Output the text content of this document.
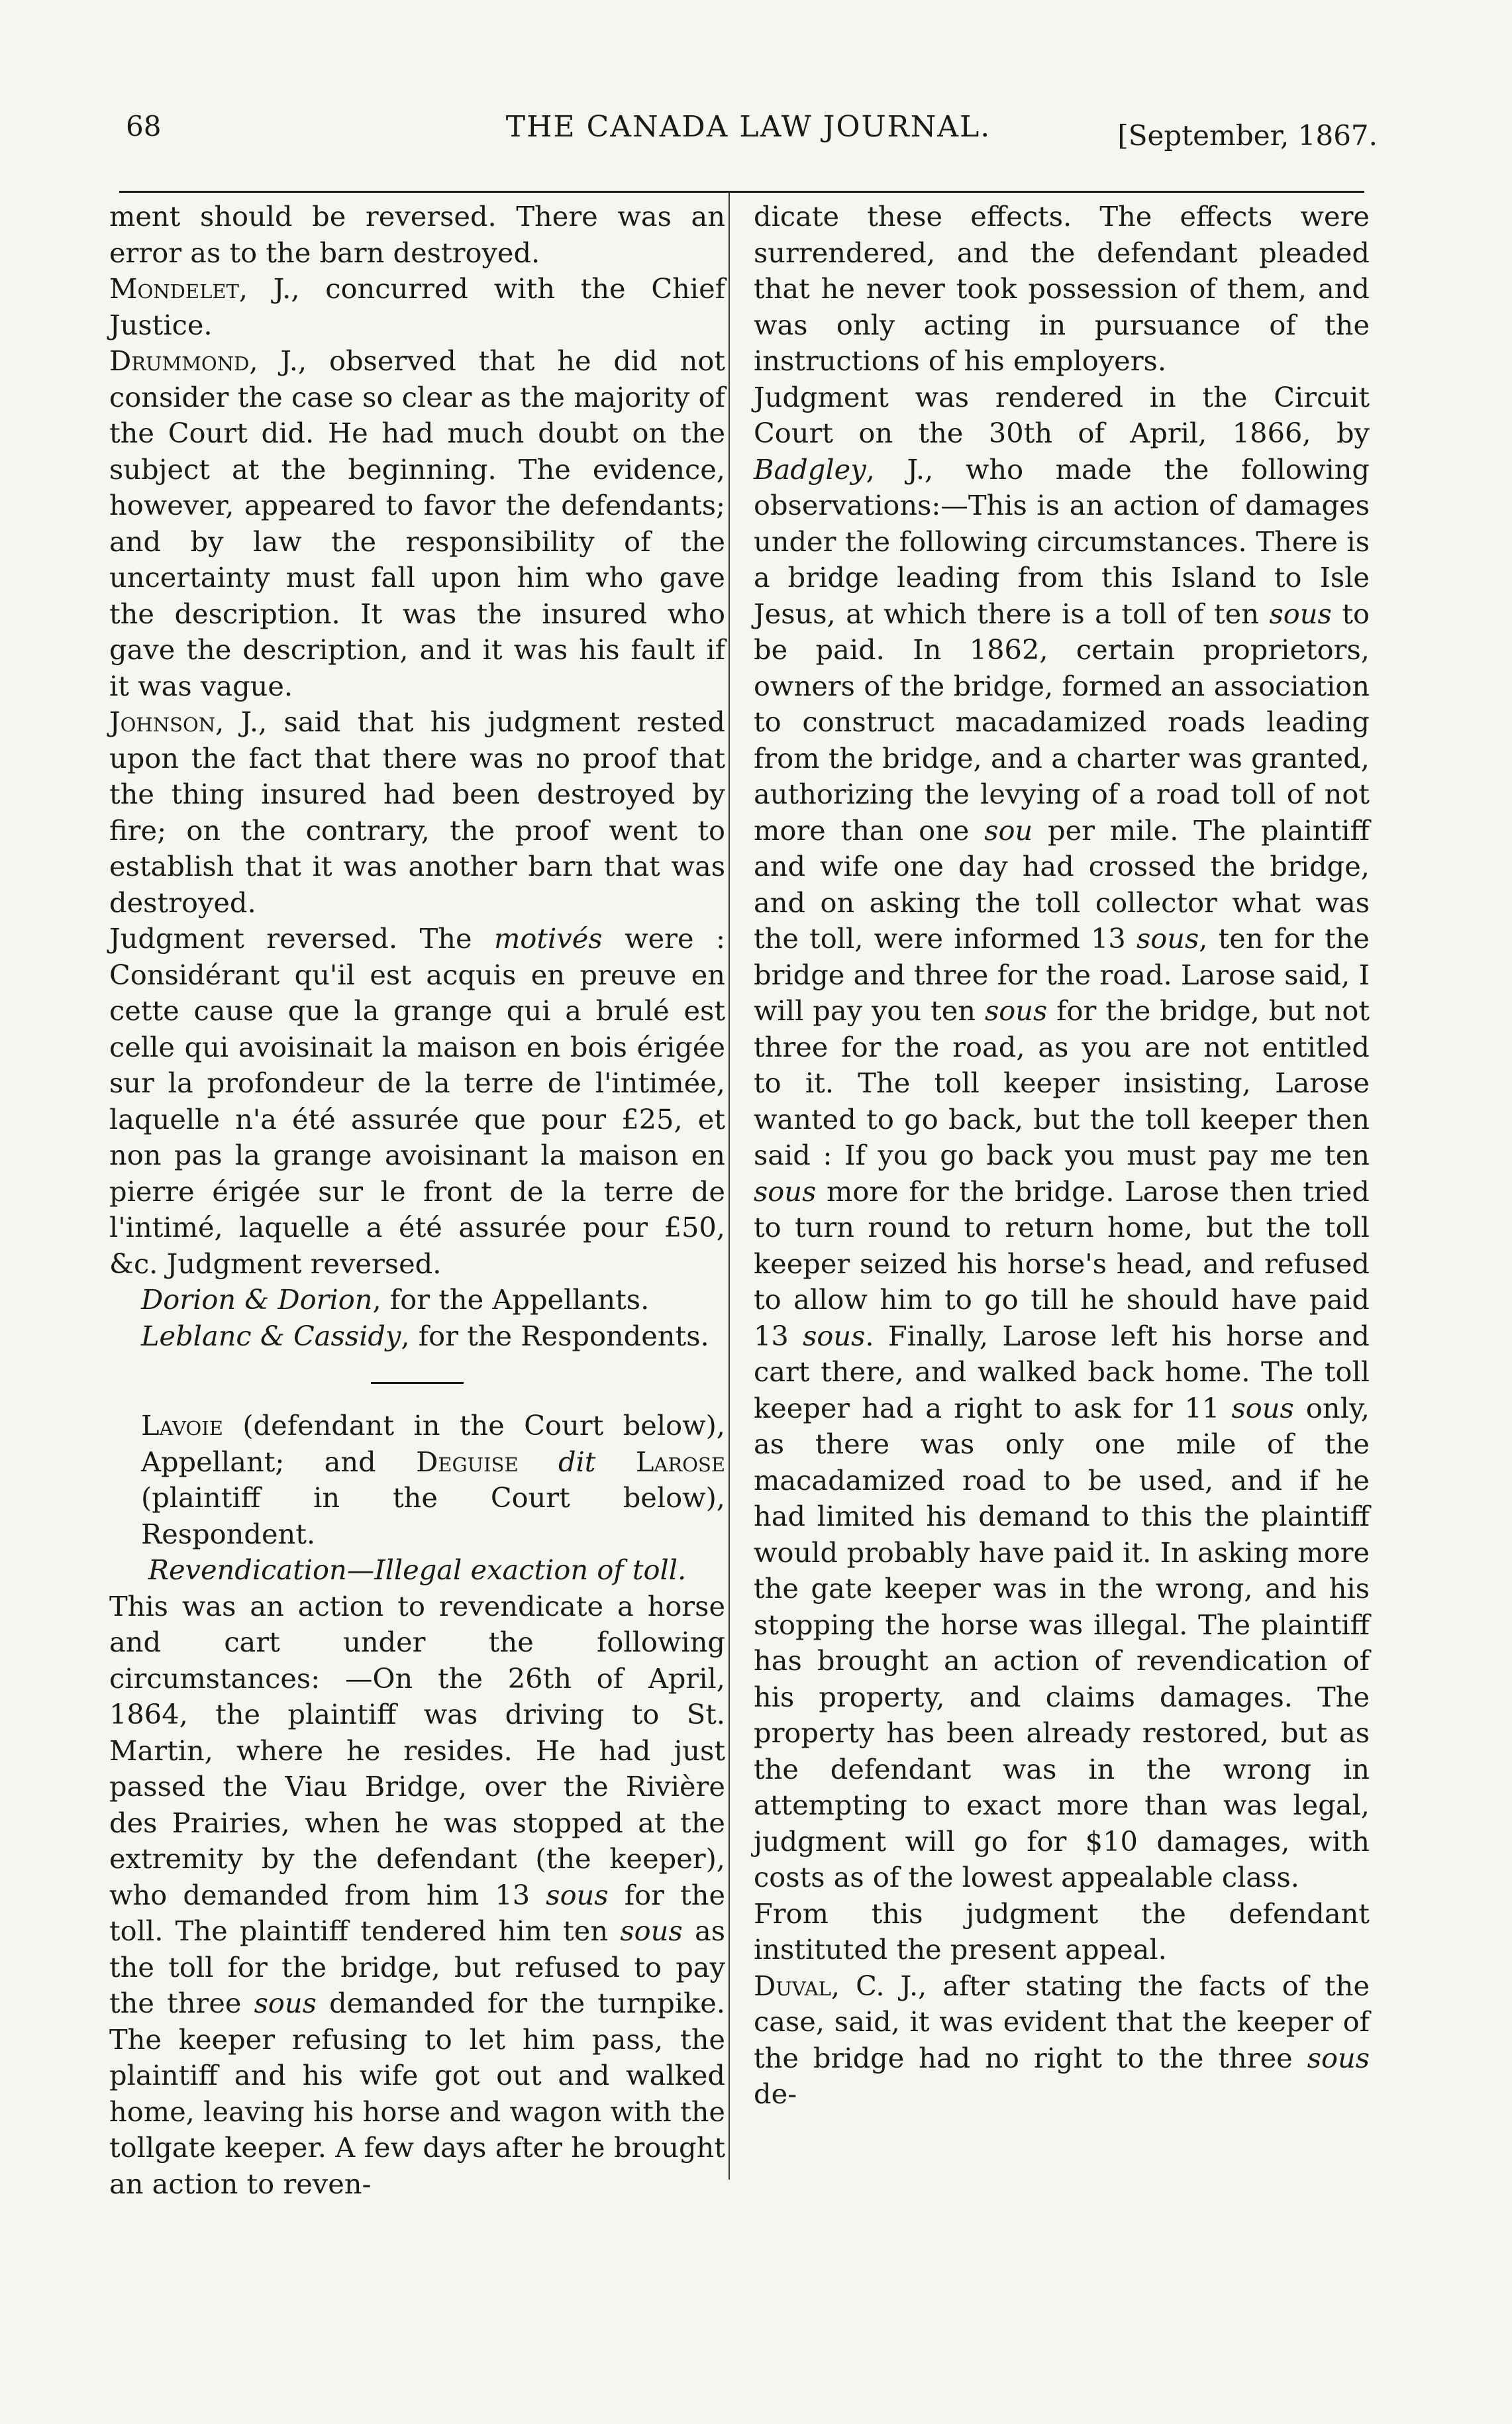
68	THE CANADA LAW JOURNAL.	[September, 1867.

ment should be reversed. There was an error as to the barn destroyed.

Mondelet, J., concurred with the Chief Justice.

Drummond, J., observed that he did not consider the case so clear as the majority of the Court did. He had much doubt on the subject at the beginning. The evidence, however, appeared to favor the defendants; and by law the responsibility of the uncertainty must fall upon him who gave the description. It was the insured who gave the description, and it was his fault if it was vague.

Johnson, J., said that his judgment rested upon the fact that there was no proof that the thing insured had been destroyed by fire; on the contrary, the proof went to establish that it was another barn that was destroyed.

Judgment reversed. The motivés were : Considérant qu'il est acquis en preuve en cette cause que la grange qui a brulé est celle qui avoisinait la maison en bois érigée sur la profondeur de la terre de l'intimée, laquelle n'a été assurée que pour £25, et non pas la grange avoisinant la maison en pierre érigée sur le front de la terre de l'intimé, laquelle a été assurée pour £50, &c. Judgment reversed.

Dorion & Dorion, for the Appellants.

Leblanc & Cassidy, for the Respondents.

Lavoie (defendant in the Court below), Appellant; and Deguise dit Larose (plaintiff in the Court below), Respondent.

Revendication—Illegal exaction of toll.

This was an action to revendicate a horse and cart under the following circumstances: —On the 26th of April, 1864, the plaintiff was driving to St. Martin, where he resides. He had just passed the Viau Bridge, over the Rivière des Prairies, when he was stopped at the extremity by the defendant (the keeper), who demanded from him 13 sous for the toll. The plaintiff tendered him ten sous as the toll for the bridge, but refused to pay the three sous demanded for the turnpike. The keeper refusing to let him pass, the plaintiff and his wife got out and walked home, leaving his horse and wagon with the tollgate keeper. A few days after he brought an action to reven-

dicate these effects. The effects were surrendered, and the defendant pleaded that he never took possession of them, and was only acting in pursuance of the instructions of his employers.

Judgment was rendered in the Circuit Court on the 30th of April, 1866, by Badgley, J., who made the following observations:—This is an action of damages under the following circumstances. There is a bridge leading from this Island to Isle Jesus, at which there is a toll of ten sous to be paid. In 1862, certain proprietors, owners of the bridge, formed an association to construct macadamized roads leading from the bridge, and a charter was granted, authorizing the levying of a road toll of not more than one sou per mile. The plaintiff and wife one day had crossed the bridge, and on asking the toll collector what was the toll, were informed 13 sous, ten for the bridge and three for the road. Larose said, I will pay you ten sous for the bridge, but not three for the road, as you are not entitled to it. The toll keeper insisting, Larose wanted to go back, but the toll keeper then said : If you go back you must pay me ten sous more for the bridge. Larose then tried to turn round to return home, but the toll keeper seized his horse's head, and refused to allow him to go till he should have paid 13 sous. Finally, Larose left his horse and cart there, and walked back home. The toll keeper had a right to ask for 11 sous only, as there was only one mile of the macadamized road to be used, and if he had limited his demand to this the plaintiff would probably have paid it. In asking more the gate keeper was in the wrong, and his stopping the horse was illegal. The plaintiff has brought an action of revendication of his property, and claims damages. The property has been already restored, but as the defendant was in the wrong in attempting to exact more than was legal, judgment will go for $10 damages, with costs as of the lowest appealable class.

From this judgment the defendant instituted the present appeal.

Duval, C. J., after stating the facts of the case, said, it was evident that the keeper of the bridge had no right to the three sous de-
